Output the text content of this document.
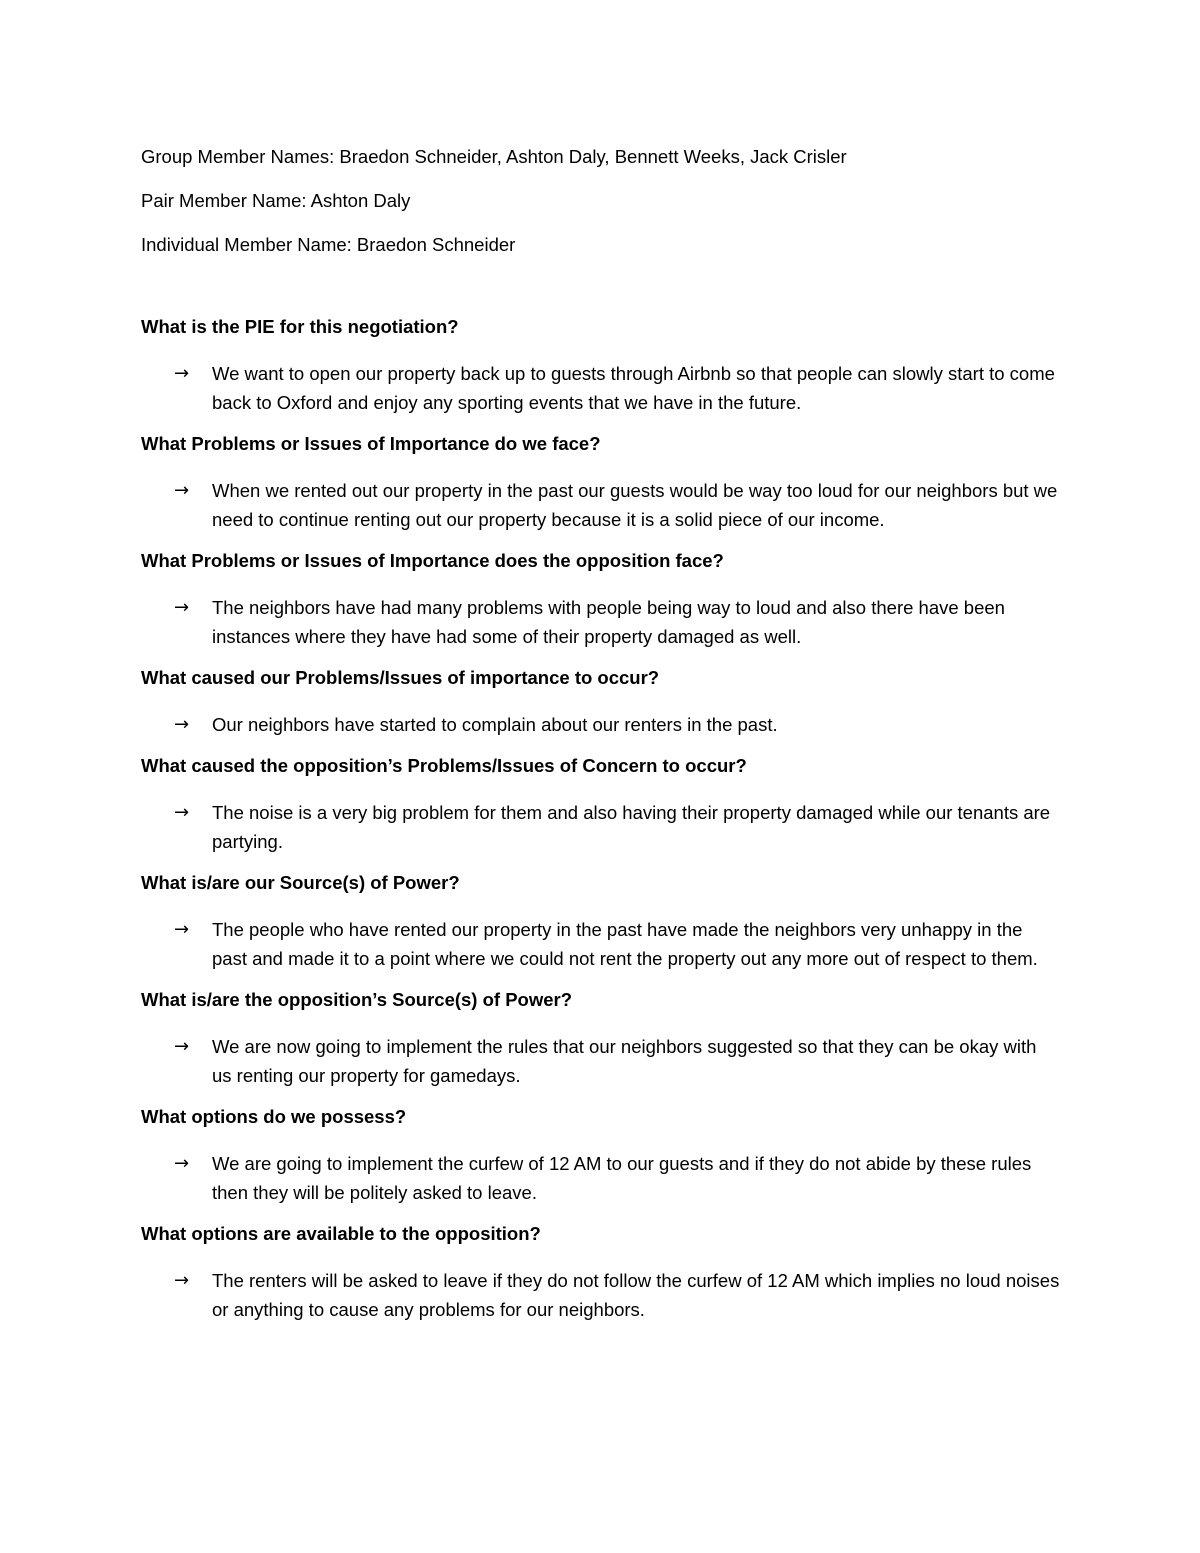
Group Member Names: Braedon Schneider, Ashton Daly, Bennett Weeks, Jack Crisler

Pair Member Name: Ashton Daly

Individual Member Name: Braedon Schneider

What is the PIE for this negotiation?

→ We want to open our property back up to guests through Airbnb so that people can slowly start to come back to Oxford and enjoy any sporting events that we have in the future.

What Problems or Issues of Importance do we face?

→ When we rented out our property in the past our guests would be way too loud for our neighbors but we need to continue renting out our property because it is a solid piece of our income.

What Problems or Issues of Importance does the opposition face?

→ The neighbors have had many problems with people being way to loud and also there have been instances where they have had some of their property damaged as well.

What caused our Problems/Issues of importance to occur?

→ Our neighbors have started to complain about our renters in the past.

What caused the opposition’s Problems/Issues of Concern to occur?

→ The noise is a very big problem for them and also having their property damaged while our tenants are partying.

What is/are our Source(s) of Power?

→ The people who have rented our property in the past have made the neighbors very unhappy in the past and made it to a point where we could not rent the property out any more out of respect to them.

What is/are the opposition’s Source(s) of Power?

→ We are now going to implement the rules that our neighbors suggested so that they can be okay with us renting our property for gamedays.

What options do we possess?

→ We are going to implement the curfew of 12 AM to our guests and if they do not abide by these rules then they will be politely asked to leave.

What options are available to the opposition?

→ The renters will be asked to leave if they do not follow the curfew of 12 AM which implies no loud noises or anything to cause any problems for our neighbors.
